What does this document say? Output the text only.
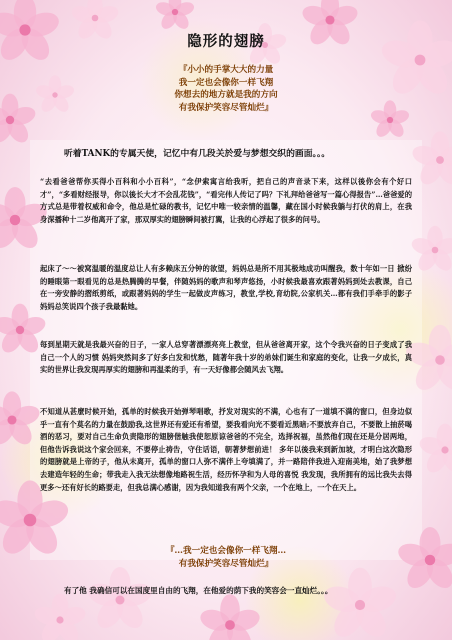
隐形的翅膀
『小小的手掌大大的力量
我一定也会像你一样飞翔
你想去的地方就是我的方向
有我保护笑容尽管灿烂』
听着TANK的专属天使，记忆中有几段关於爱与梦想交织的画面。。。
“去看爸爸帮你买得小百科和小小百科”，“念伊索寓言给我听，把自己的声音录下来，这样以後你会有个好口才”，“多看财经报导，你以後长大才不会乱花钱”，“看完伟人传记了吗？下礼拜给爸爸写一篇心得报告”…爸爸爱的方式总是带着权威和命令，他总是忙碌的教书，记忆中唯一较亲情的温馨，藏在国小时候我躺与打伏的肩上，在我身深播种十二岁他离开了家，那双厚实的翅膀瞬间被打翼，让我的心浮起了很多的问号。
起床了～～被窝温暖的温度总让人有多赖床五分钟的欲望，妈妈总是所不用其极地成功叫醒我，数十年如一日 掀纷的睡眼第一眼看见的总是热腾腾的早餐，伴随妈妈的歌声和琴声悠扬，小时候我最喜欢跟著妈妈到处去教课，自己在一旁安静的摺纸剪纸，或跟著妈妈的学生一起做皮声练习，教堂,学校,育幼院,公家机关…都有我们手牵手的影子 妈妈总笑说四个孩子我最黏她。
每到星期天就是我最兴奋的日子，一家人总穿著漂漂亮亮上教堂，但从爸爸离开家，这个令我兴奋的日子变成了我自己一个人的习惯 妈妈突然间多了好多白发和忧愁，随著年我十岁的弟妹们诞生和家庭的变化，让我一夕成长，真实的世界让我发现再厚实的翅膀和再温柔的手，有一天好像都会随风去飞翔。
不知道从甚麼时候开始，孤单的时候我开始弹琴唱歌，抒发对现实的不满，心也有了一道填不满的窗口，但身边似乎一直有个莫名的力量在鼓励我,这世界还有爱还有希望，要我看向光不要看近黑暗;不要放弃自己，不要散上抽菸喝酒的恶习，要对自己生命负责隐形的翅膀偕触我使恕原谅爸爸的不完全，选择祝福，虽然他们现在还是分居两地，但他告诉我说这个家会回来，不要停止祷告，守住话语，朝著梦想前进！ 多年以後我来到新加坡，才明白这次隐形的翅膀就是上帝的子，他从未离开，孤单的窗口人弥不满伴上夸填满了，并一路陪伴我进入迎南美地，始了我梦想去建造年轻的生命；带我走入我无法想像地路祝生活，经历怀孕和为人母的喜悦 我发现，我所拥有的远比我失去得更多～还有好长的路要走，但我总满心感谢，因为我知道我有两个父亲，一个在地上，一个在天上。
『…我一定也会像你一样飞翔…
有我保护笑容尽管灿烂』
有了他 我确信可以在国度里自由的飞翔，在他爱的荫下我的笑容会一直灿烂。。。
